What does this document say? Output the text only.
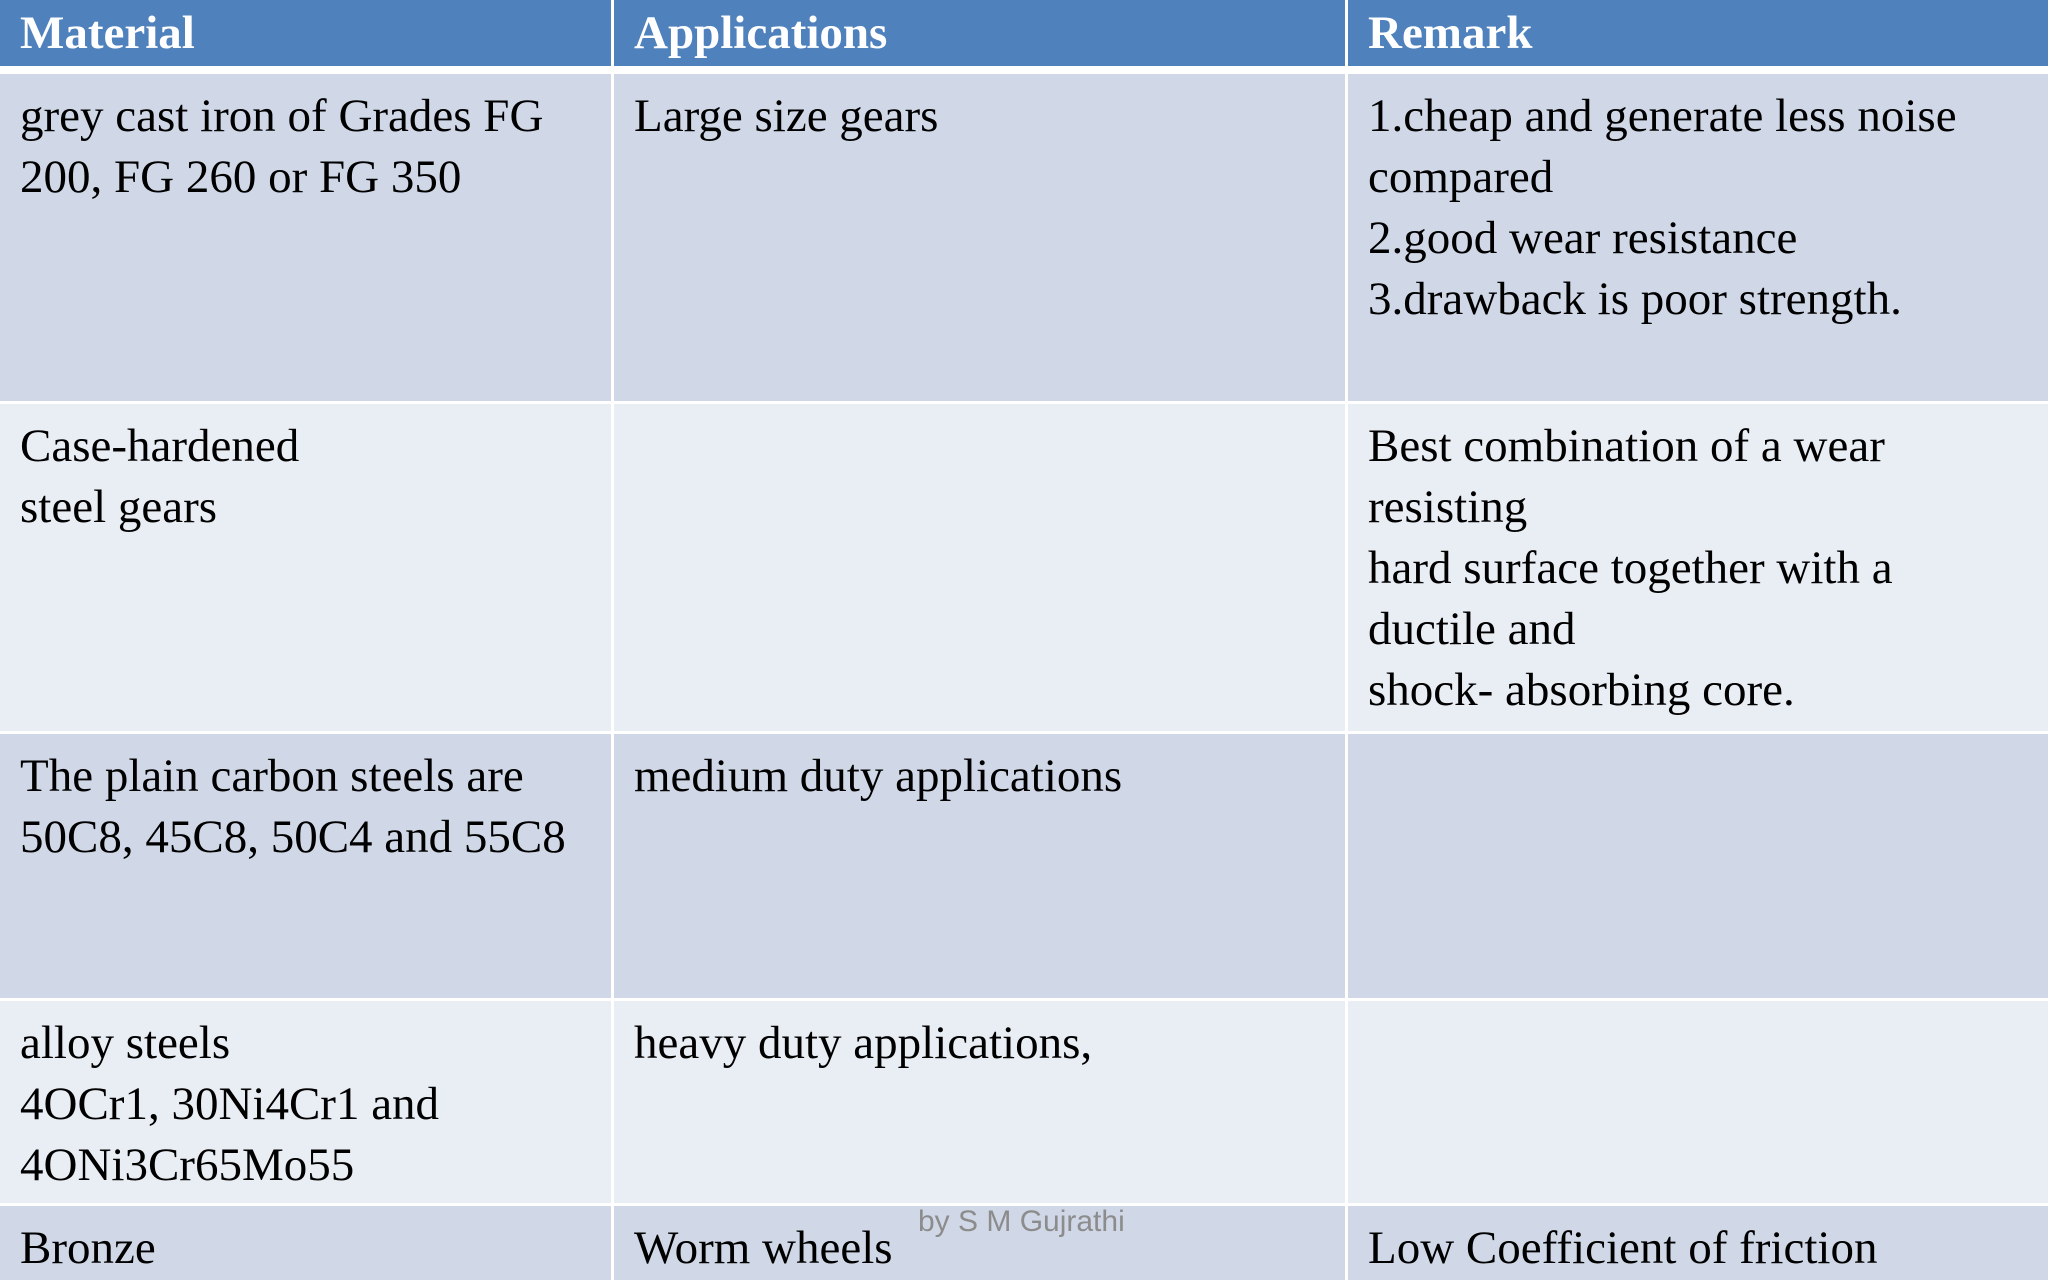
Material	Applications	Remark

grey cast iron of Grades FG 200, FG 260 or FG 350	Large size gears	1.cheap and generate less noise compared
2.good wear resistance
3.drawback is poor strength.

Case-hardened
steel gears		Best combination of a wear resisting
hard surface together with a ductile and
shock- absorbing core.

The plain carbon steels are 50C8, 45C8, 50C4 and 55C8	medium duty applications	

alloy steels
4OCr1, 30Ni4Cr1 and 4ONi3Cr65Mo55	heavy duty applications,	

Bronze	Worm wheels	Low Coefficient of friction
by S M Gujrathi
